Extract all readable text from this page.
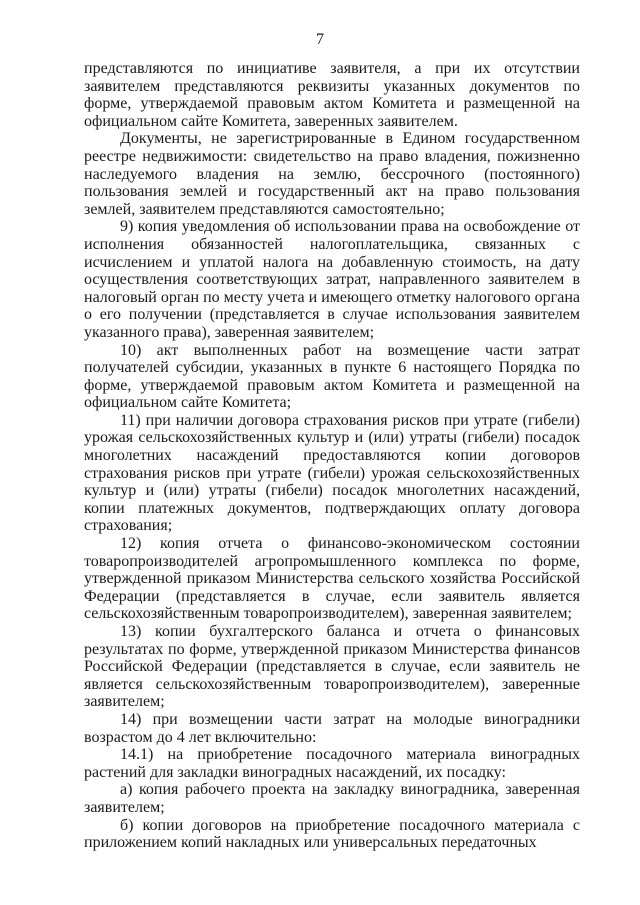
7

представляются по инициативе заявителя, а при их отсутствии заявителем представляются реквизиты указанных документов по форме, утверждаемой правовым актом Комитета и размещенной на официальном сайте Комитета, заверенных заявителем.

Документы, не зарегистрированные в Едином государственном реестре недвижимости: свидетельство на право владения, пожизненно наследуемого владения на землю, бессрочного (постоянного) пользования землей и государственный акт на право пользования землей, заявителем представляются самостоятельно;

9) копия уведомления об использовании права на освобождение от исполнения обязанностей налогоплательщика, связанных с исчислением и уплатой налога на добавленную стоимость, на дату осуществления соответствующих затрат, направленного заявителем в налоговый орган по месту учета и имеющего отметку налогового органа о его получении (представляется в случае использования заявителем указанного права), заверенная заявителем;

10) акт выполненных работ на возмещение части затрат получателей субсидии, указанных в пункте 6 настоящего Порядка по форме, утверждаемой правовым актом Комитета и размещенной на официальном сайте Комитета;

11) при наличии договора страхования рисков при утрате (гибели) урожая сельскохозяйственных культур и (или) утраты (гибели) посадок многолетних насаждений предоставляются копии договоров страхования рисков при утрате (гибели) урожая сельскохозяйственных культур и (или) утраты (гибели) посадок многолетних насаждений, копии платежных документов, подтверждающих оплату договора страхования;

12) копия отчета о финансово-экономическом состоянии товаропроизводителей агропромышленного комплекса по форме, утвержденной приказом Министерства сельского хозяйства Российской Федерации (представляется в случае, если заявитель является сельскохозяйственным товаропроизводителем), заверенная заявителем;

13) копии бухгалтерского баланса и отчета о финансовых результатах по форме, утвержденной приказом Министерства финансов Российской Федерации (представляется в случае, если заявитель не является сельскохозяйственным товаропроизводителем), заверенные заявителем;

14) при возмещении части затрат на молодые виноградники возрастом до 4 лет включительно:

14.1) на приобретение посадочного материала виноградных растений для закладки виноградных насаждений, их посадку:

а) копия рабочего проекта на закладку виноградника, заверенная заявителем;

б) копии договоров на приобретение посадочного материала с приложением копий накладных или универсальных передаточных
